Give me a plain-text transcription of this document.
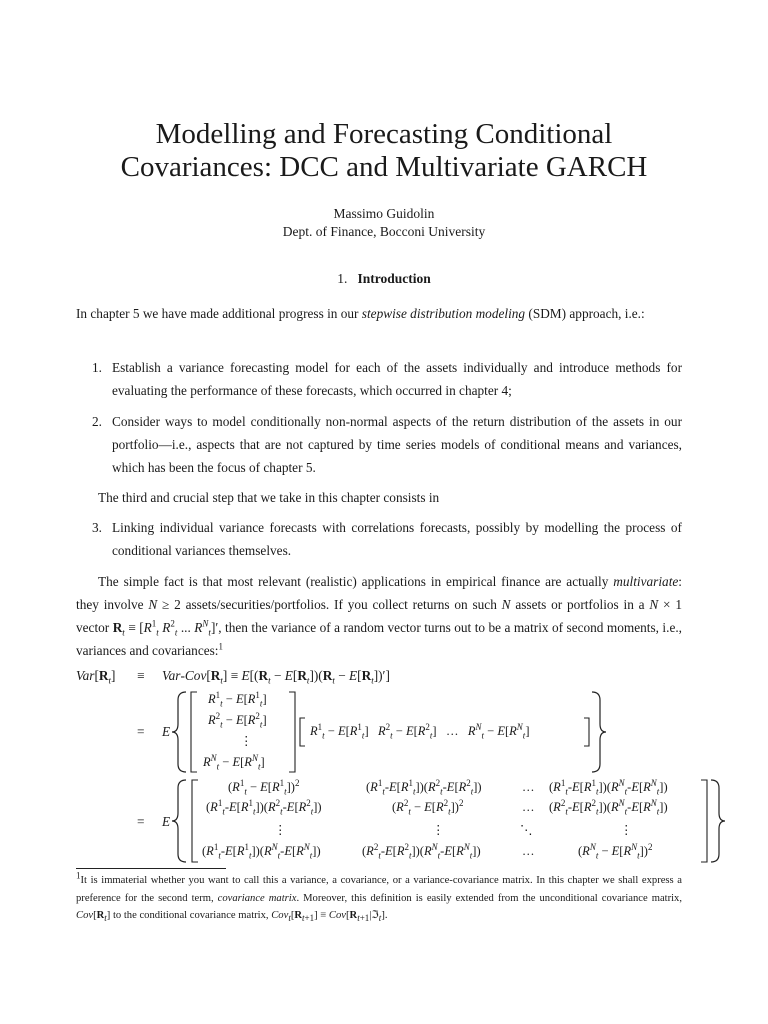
Modelling and Forecasting Conditional
Covariances: DCC and Multivariate GARCH
Massimo Guidolin
Dept. of Finance, Bocconi University
1. Introduction
In chapter 5 we have made additional progress in our stepwise distribution modeling (SDM) approach, i.e.:
1. Establish a variance forecasting model for each of the assets individually and introduce methods for evaluating the performance of these forecasts, which occurred in chapter 4;
2. Consider ways to model conditionally non-normal aspects of the return distribution of the assets in our portfolio—i.e., aspects that are not captured by time series models of conditional means and variances, which has been the focus of chapter 5.
The third and crucial step that we take in this chapter consists in
3. Linking individual variance forecasts with correlations forecasts, possibly by modelling the process of conditional variances themselves.
The simple fact is that most relevant (realistic) applications in empirical finance are actually multivariate: they involve N ≥ 2 assets/securities/portfolios. If you collect returns on such N assets or portfolios in a N × 1 vector $R_t \equiv [R^1_t$ $R^2_t$ ... $R^N_t]'$, then the variance of a random vector turns out to be a matrix of second moments, i.e., variances and covariances:$^1$
$Var[R_t] \equiv Var-Cov[R_t] \equiv E[(R_t - E[R_t])(R_t - E[R_t])']$
= E
$R^1_t - E[R^1_t]$
$R^2_t - E[R^2_t]$
⋮
$R^N_t - E[R^N_t]$
$R^1_t - E[R^1_t] R^2_t - E[R^2_t]$   …   $R^N_t - E[R^N_t]$
= E
$(R^1_t - E[R^1_t])^2$	$(R^1_t-E[R^1_t])(R^2_t-E[R^2_t])$	… $(R^1_t-E[R^1_t])(R^N_t-E[R^N_t])$
$(R^1_t-E[R^1_t])(R^2_t-E[R^2_t])$	$(R^2_t - E[R^2_t])^2$	… $(R^2_t-E[R^2_t])(R^N_t-E[R^N_t])$
⋮	⋮	⋱	⋮
$(R^1_t-E[R^1_t])(R^N_t-E[R^N_t])$	$(R^2_t-E[R^2_t])(R^N_t-E[R^N_t])$	…	$(R^N_t - E[R^N_t])^2$
$^1$It is immaterial whether you want to call this a variance, a covariance, or a variance-covariance matrix. In this chapter we shall express a preference for the second term, covariance matrix. Moreover, this definition is easily extended from the unconditional covariance matrix, $Cov[R_t]$ to the conditional covariance matrix, $Cov_t[R_{t+1}]$ ≡ $Cov[R_{t+1}|ℑ_t]$.
